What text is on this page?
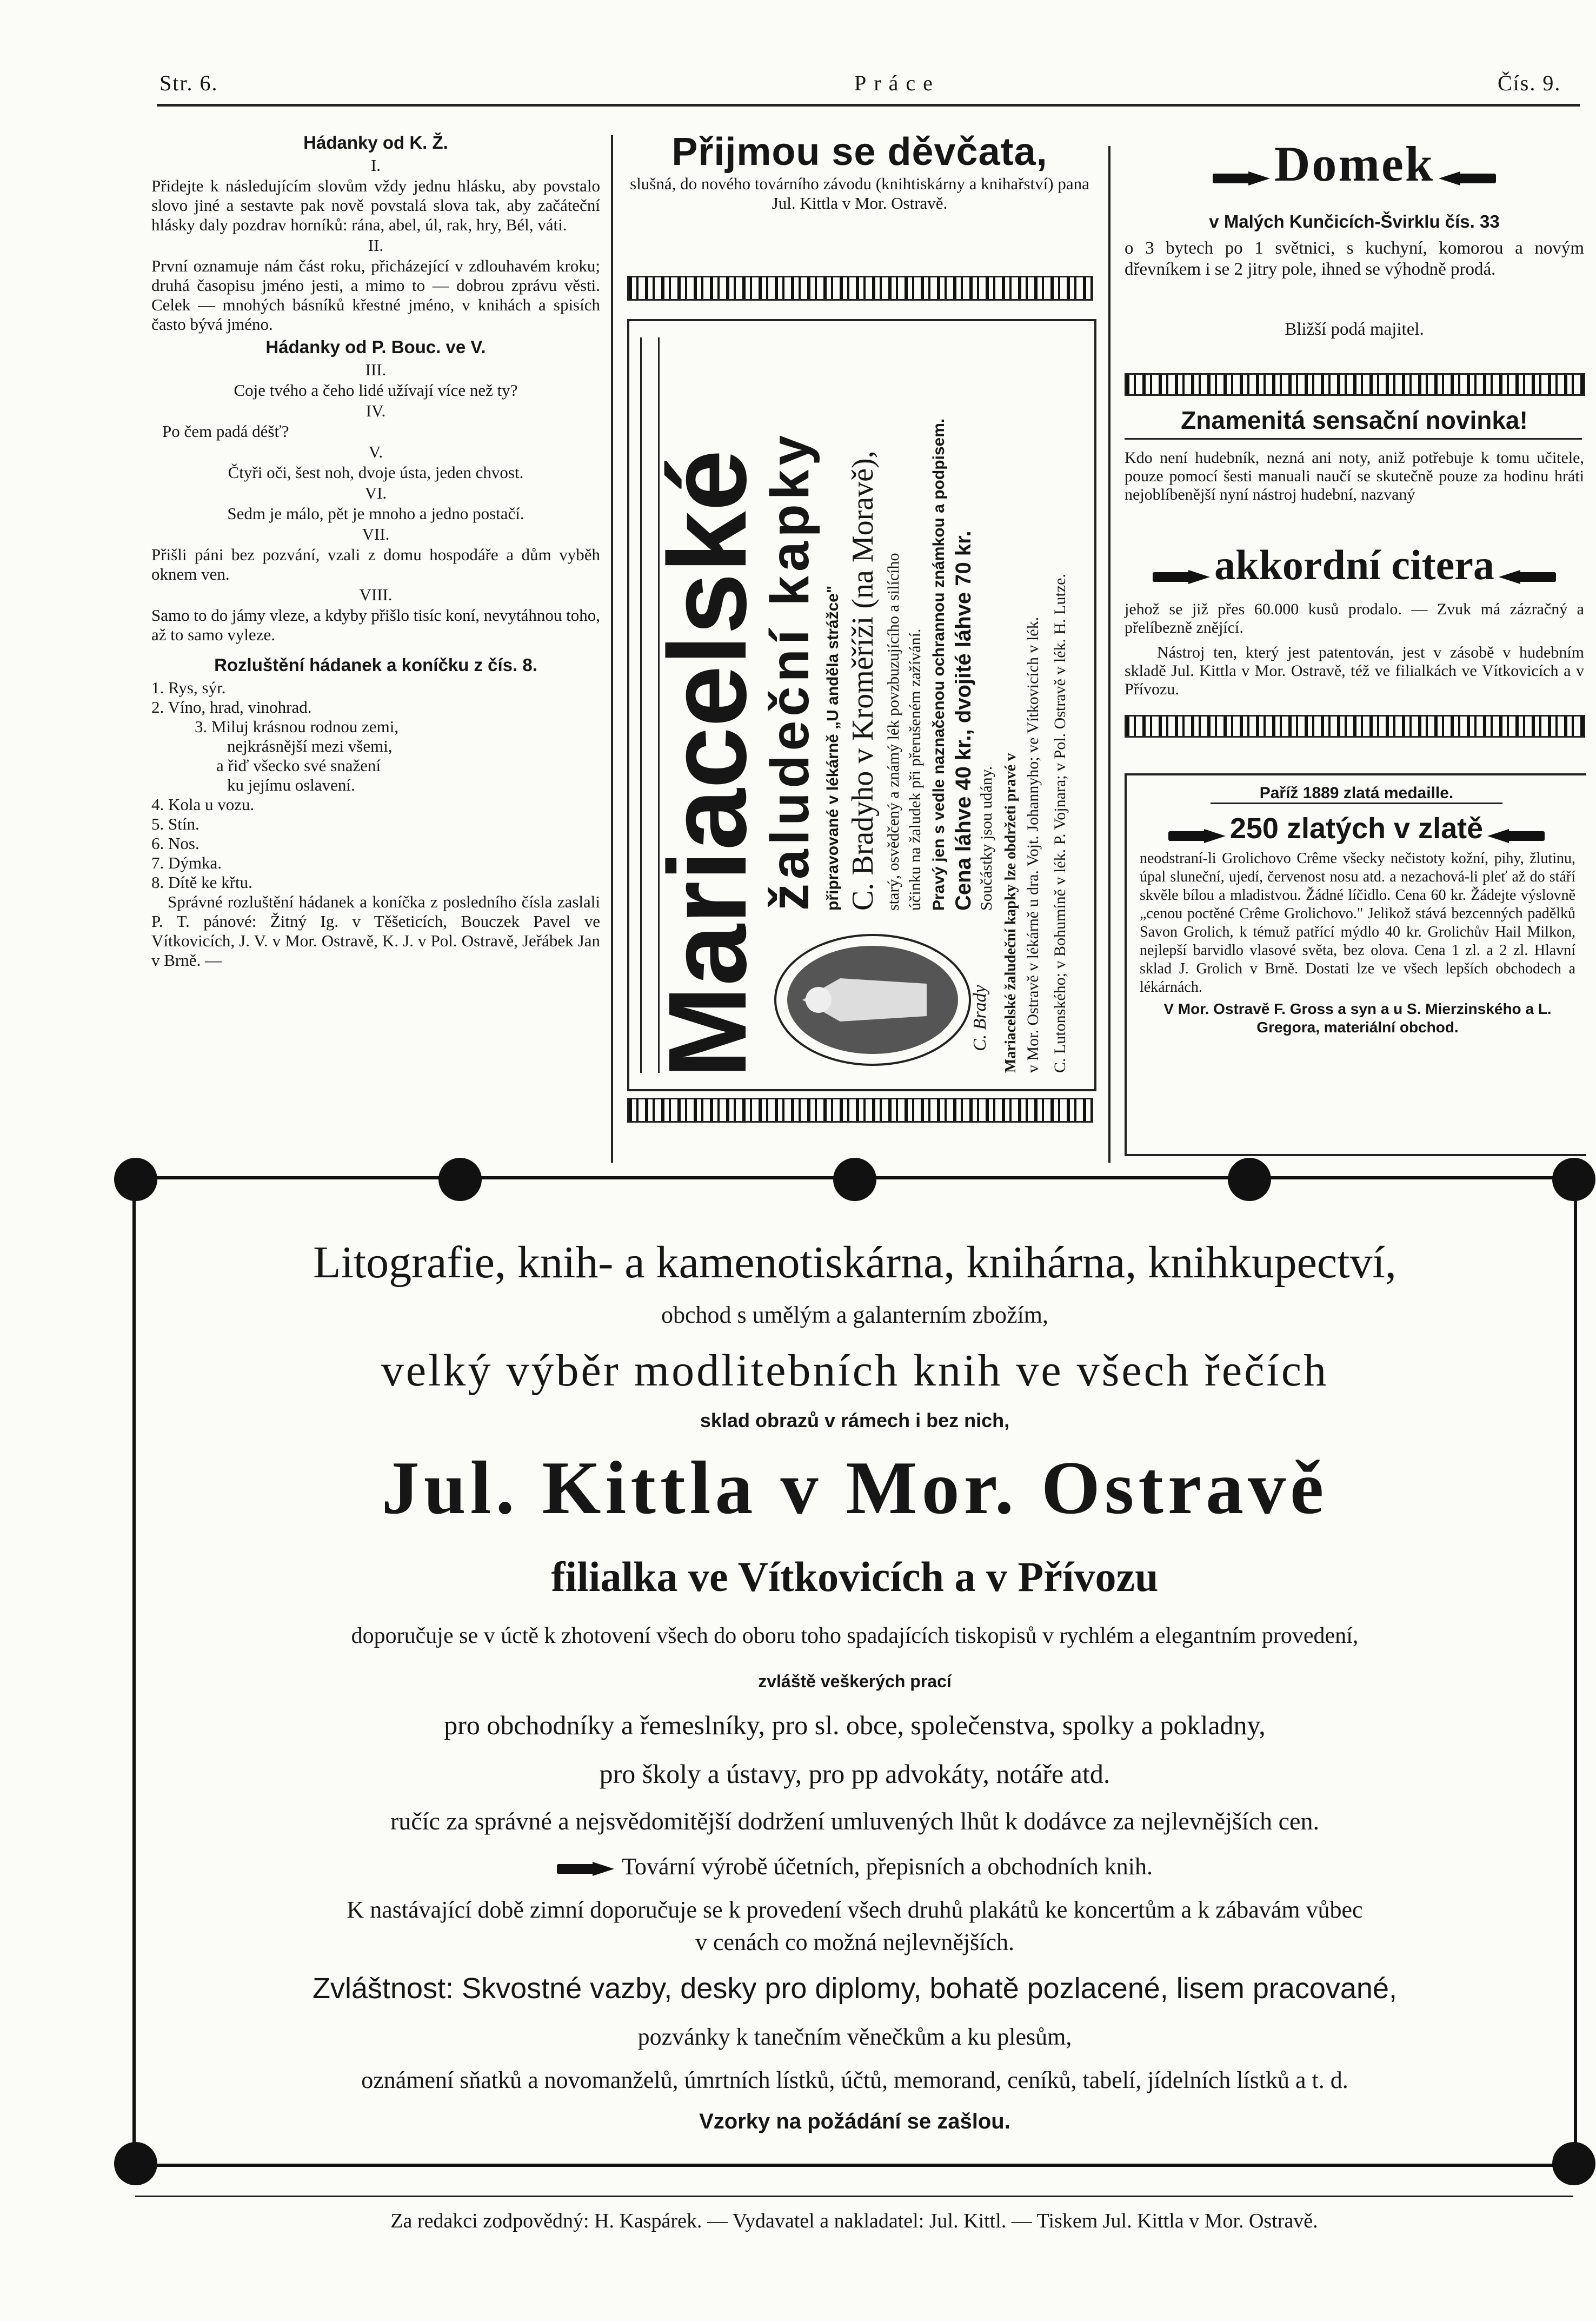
Str. 6.	Práce	Čís. 9.
Hádanky od K. Ž.
I.

Přidejte k následujícím slovům vždy jednu hlásku, aby povstalo slovo jiné a sestavte pak nově povstalá slova tak, aby začáteční hlásky daly pozdrav horníků: rána, abel, úl, rak, hry, Bél, váti.

II.

První oznamuje nám část roku, přicházející v zdlouhavém kroku; druhá časopisu jméno jesti, a mimo to — dobrou zprávu věsti. Celek — mnohých básníků křestné jméno, v knihách a spisích často bývá jméno.

Hádanky od P. Bouc. ve V.
III.
Coje tvého a čeho lidé užívají více než ty?
IV.
Po čem padá déšť?
V.
Čtyři oči, šest noh, dvoje ústa, jeden chvost.
VI.
Sedm je málo, pět je mnoho a jedno postačí.
VII.

Přišli páni bez pozvání, vzali z domu hospodáře a dům vyběh oknem ven.

VIII.

Samo to do jámy vleze, a kdyby přišlo tisíc koní, nevytáhnou toho, až to samo vyleze.

Rozluštění hádanek a koníčku z čís. 8.
1. Rys, sýr.
2. Víno, hrad, vinohrad.
3. Miluj krásnou rodnou zemi,
nejkrásnější mezi všemi,
a řiď všecko své snažení
ku jejímu oslavení.
4. Kola u vozu.
5. Stín.
6. Nos.
7. Dýmka.
8. Dítě ke křtu.

Správné rozluštění hádanek a koníčka z posledního čísla zaslali P. T. pánové: Žitný Ig. v Těšeticích, Bouczek Pavel ve Vítkovicích, J. V. v Mor. Ostravě, K. J. v Pol. Ostravě, Jeřábek Jan v Brně. —

Přijmou se děvčata,
slušná, do nového továrního závodu (knihtiskárny a knihařství) pana Jul. Kittla v Mor. Ostravě.
Mariacelské
žaludeční kapky připravované v lékárně „U anděla strážce" C. Bradyho v Kroměříži (na Moravě), starý, osvědčený a známý lék povzbuzujícího a silícího účinku na žaludek při přerušeném zažívání. Pravý jen s vedle naznačenou ochrannou známkou a podpisem. Cena láhve 40 kr., dvojité láhve 70 kr. Součástky jsou udány. Mariacelské žaludeční kapky lze obdržeti pravé v v Mor. Ostravě v lékárně u dra. Vojt. Johannyho; ve Vítkovicích v lék. C. Lutonského; v Bohumíně v lék. P. Vojnara; v Pol. Ostravě v lék. H. Lutze.
C. Brady
Domek
v Malých Kunčicích-Švirklu čís. 33
o 3 bytech po 1 světnici, s kuchyní, komorou a novým dřevníkem i se 2 jitry pole, ihned se výhodně prodá.
Bližší podá majitel.
Znamenitá sensační novinka!
Kdo není hudebník, nezná ani noty, aniž potřebuje k tomu učitele, pouze pomocí šesti manuali naučí se skutečně pouze za hodinu hráti nejoblíbenější nyní nástroj hudební, nazvaný
akkordní citera
jehož se již přes 60.000 kusů prodalo. — Zvuk má zázračný a přelíbezně znějící.
Nástroj ten, který jest patentován, jest v zásobě v hudebním skladě Jul. Kittla v Mor. Ostravě, též ve filialkách ve Vítkovicích a v Přívozu.
Paříž 1889 zlatá medaille.
250 zlatých v zlatě
neodstraní-li Grolichovo Crême všecky nečistoty kožní, pihy, žlutinu, úpal sluneční, ujedí, červenost nosu atd. a nezachová-li pleť až do stáří skvěle bílou a mladistvou. Žádné líčidlo. Cena 60 kr. Žádejte výslovně „cenou poctěné Crême Grolichovo." Jelikož stává bezcenných padělků Savon Grolich, k témuž patřící mýdlo 40 kr. Grolichův Hail Milkon, nejlepší barvidlo vlasové světa, bez olova. Cena 1 zl. a 2 zl. Hlavní sklad J. Grolich v Brně. Dostati lze ve všech lepších obchodech a lékárnách.
V Mor. Ostravě F. Gross a syn a u S. Mierzinského a L. Gregora, materiální obchod.
Litografie, knih- a kamenotiskárna, knihárna, knihkupectví,
obchod s umělým a galanterním zbožím,
velký výběr modlitebních knih ve všech řečích
sklad obrazů v rámech i bez nich,
Jul. Kittla v Mor. Ostravě
filialka ve Vítkovicích a v Přívozu
doporučuje se v úctě k zhotovení všech do oboru toho spadajících tiskopisů v rychlém a elegantním provedení,
zvláště veškerých prací
pro obchodníky a řemeslníky, pro sl. obce, společenstva, spolky a pokladny,
pro školy a ústavy, pro pp advokáty, notáře atd.
ručíc za správné a nejsvědomitější dodržení umluvených lhůt k dodávce za nejlevnějších cen.
Tovární výrobě účetních, přepisních a obchodních knih.
K nastávající době zimní doporučuje se k provedení všech druhů plakátů ke koncertům a k zábavám vůbec
v cenách co možná nejlevnějších.
Zvláštnost: Skvostné vazby, desky pro diplomy, bohatě pozlacené, lisem pracované,
pozvánky k tanečním věnečkům a ku plesům,
oznámení sňatků a novomanželů, úmrtních lístků, účtů, memorand, ceníků, tabelí, jídelních lístků a t. d.
Vzorky na požádání se zašlou.
Za redakci zodpovědný: H. Kaspárek. — Vydavatel a nakladatel: Jul. Kittl. — Tiskem Jul. Kittla v Mor. Ostravě.
